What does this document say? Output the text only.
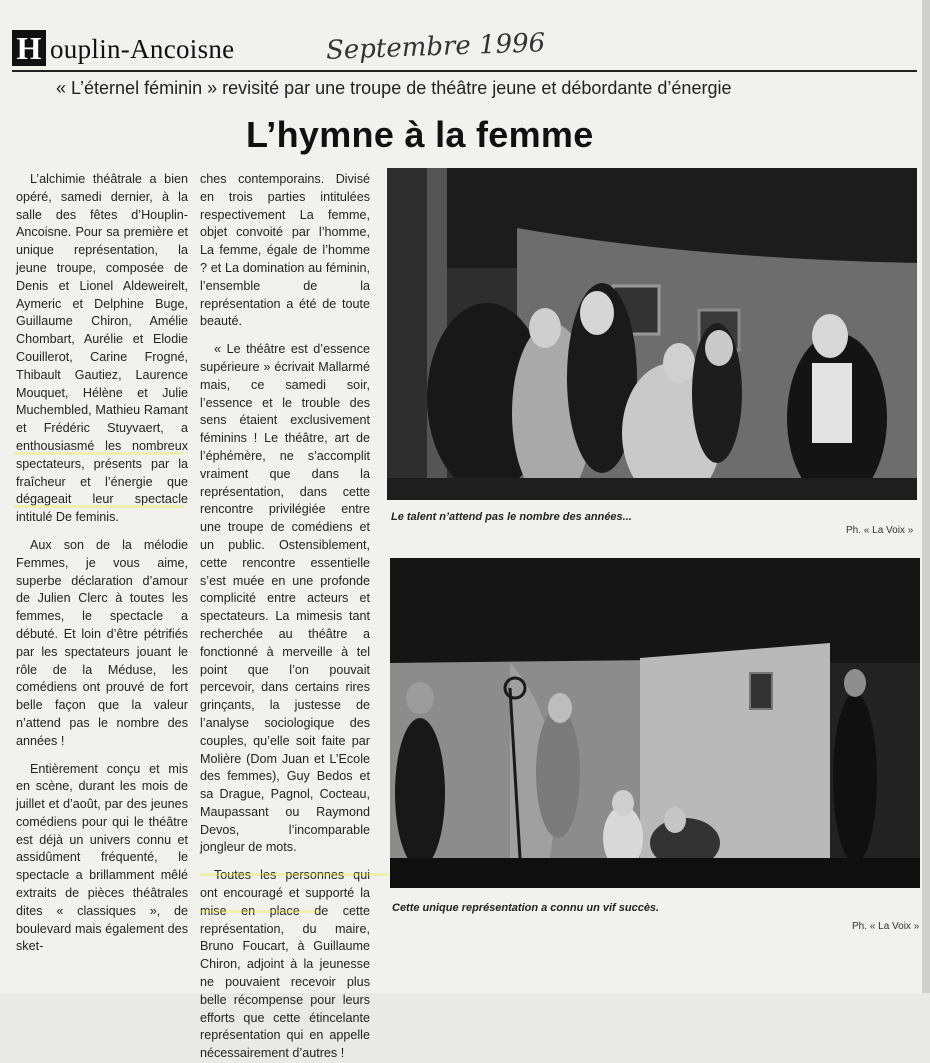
H ouplin-Ancoisne	Septembre 1996
« L’éternel féminin » revisité par une troupe de théâtre jeune et débordante d’énergie
L’hymne à la femme

L’alchimie théâtrale a bien opéré, samedi dernier, à la salle des fêtes d’Houplin-Ancoisne. Pour sa première et unique représentation, la jeune troupe, composée de Denis et Lionel Aldeweirelt, Aymeric et Delphine Buge, Guillaume Chiron, Amélie Chombart, Aurélie et Elodie Couillerot, Carine Frogné, Thibault Gautiez, Laurence Mouquet, Hélène et Julie Muchembled, Mathieu Ramant et Frédéric Stuyvaert, a enthousiasmé les nombreux spectateurs, présents par la fraîcheur et l’énergie que dégageait leur spectacle intitulé De feminis.

Aux son de la mélodie Femmes, je vous aime, superbe déclaration d’amour de Julien Clerc à toutes les femmes, le spectacle a débuté. Et loin d’être pétrifiés par les spectateurs jouant le rôle de la Méduse, les comédiens ont prouvé de fort belle façon que la valeur n’attend pas le nombre des années !

Entièrement conçu et mis en scène, durant les mois de juillet et d’août, par des jeunes comédiens pour qui le théâtre est déjà un univers connu et assidûment fréquenté, le spectacle a brillamment mêlé extraits de pièces théâtrales dites « classiques », de boulevard mais également des sket-

ches contemporains. Divisé en trois parties intitulées respectivement La femme, objet convoité par l’homme, La femme, égale de l’homme ? et La domination au féminin, l’ensemble de la représentation a été de toute beauté.

« Le théâtre est d’essence supérieure » écrivait Mallarmé mais, ce samedi soir, l’essence et le trouble des sens étaient exclusivement féminins ! Le théâtre, art de l’éphémère, ne s’accomplit vraiment que dans la représentation, dans cette rencontre privilégiée entre une troupe de comédiens et un public. Ostensiblement, cette rencontre essentielle s’est muée en une profonde complicité entre acteurs et spectateurs. La mimesis tant recherchée au théâtre a fonctionné à merveille à tel point que l’on pouvait percevoir, dans certains rires grinçants, la justesse de l’analyse sociologique des couples, qu’elle soit faite par Molière (Dom Juan et L’Ecole des femmes), Guy Bedos et sa Drague, Pagnol, Cocteau, Maupassant ou Raymond Devos, l’incomparable jongleur de mots.

Toutes les personnes qui ont encouragé et supporté la mise en place de cette représentation, du maire, Bruno Foucart, à Guillaume Chiron, adjoint à la jeunesse ne pouvaient recevoir plus belle récompense pour leurs efforts que cette étincelante représentation qui en appelle nécessairement d’autres !

Le talent n’attend pas le nombre des années...
Ph. « La Voix »
Cette unique représentation a connu un vif succès.
Ph. « La Voix »
